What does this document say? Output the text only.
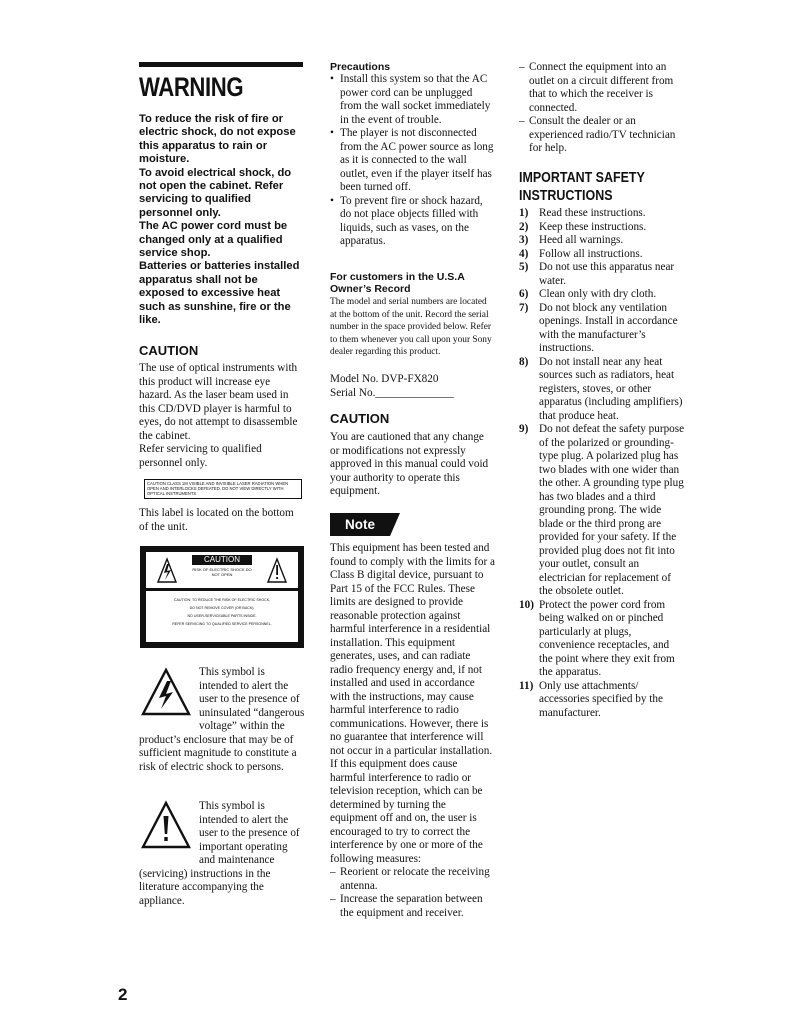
WARNING

To reduce the risk of fire or electric shock, do not expose this apparatus to rain or moisture.

To avoid electrical shock, do not open the cabinet. Refer servicing to qualified personnel only.

The AC power cord must be changed only at a qualified service shop.

Batteries or batteries installed apparatus shall not be exposed to excessive heat such as sunshine, fire or the like.

CAUTION

The use of optical instruments with this product will increase eye hazard. As the laser beam used in this CD/DVD player is harmful to eyes, do not attempt to disassemble the cabinet.

Refer servicing to qualified personnel only.

CAUTION CLASS 1M VISIBLE AND INVISIBLE LASER RADIATION WHEN OPEN AND INTERLOCKS DEFEATED. DO NOT VIEW DIRECTLY WITH OPTICAL INSTRUMENTS
This label is located on the bottom of the unit.
CAUTION
RISK OF ELECTRIC SHOCK DO NOT OPEN
CAUTION: TO REDUCE THE RISK OF ELECTRIC SHOCK,
DO NOT REMOVE COVER (OR BACK).
NO USER-SERVICEABLE PARTS INSIDE.
REFER SERVICING TO QUALIFIED SERVICE PERSONNEL.
This symbol is intended to alert the user to the presence of uninsulated “dangerous voltage” within the product’s enclosure that may be of sufficient magnitude to constitute a risk of electric shock to persons.
This symbol is intended to alert the user to the presence of important operating and maintenance (servicing) instructions in the literature accompanying the appliance.
Precautions
• Install this system so that the AC power cord can be unplugged from the wall socket immediately in the event of trouble.
• The player is not disconnected from the AC power source as long as it is connected to the wall outlet, even if the player itself has been turned off.
• To prevent fire or shock hazard, do not place objects filled with liquids, such as vases, on the apparatus.
For customers in the U.S.A Owner’s Record
The model and serial numbers are located at the bottom of the unit. Record the serial number in the space provided below. Refer to them whenever you call upon your Sony dealer regarding this product.

Model No. DVP-FX820

Serial No.______________

CAUTION
You are cautioned that any change or modifications not expressly approved in this manual could void your authority to operate this equipment.
Note

This equipment has been tested and found to comply with the limits for a Class B digital device, pursuant to Part 15 of the FCC Rules. These limits are designed to provide reasonable protection against harmful interference in a residential installation. This equipment generates, uses, and can radiate radio frequency energy and, if not installed and used in accordance with the instructions, may cause harmful interference to radio communications. However, there is no guarantee that interference will not occur in a particular installation. If this equipment does cause harmful interference to radio or television reception, which can be determined by turning the equipment off and on, the user is encouraged to try to correct the interference by one or more of the following measures:

– Reorient or relocate the receiving antenna.
– Increase the separation between the equipment and receiver.
– Connect the equipment into an outlet on a circuit different from that to which the receiver is connected.
– Consult the dealer or an experienced radio/TV technician for help.
IMPORTANT SAFETY INSTRUCTIONS
1) Read these instructions.
2) Keep these instructions.
3) Heed all warnings.
4) Follow all instructions.
5) Do not use this apparatus near water.
6) Clean only with dry cloth.
7) Do not block any ventilation openings. Install in accordance with the manufacturer’s instructions.
8) Do not install near any heat sources such as radiators, heat registers, stoves, or other apparatus (including amplifiers) that produce heat.
9) Do not defeat the safety purpose of the polarized or grounding-type plug. A polarized plug has two blades with one wider than the other. A grounding type plug has two blades and a third grounding prong. The wide blade or the third prong are provided for your safety. If the provided plug does not fit into your outlet, consult an electrician for replacement of the obsolete outlet.
10) Protect the power cord from being walked on or pinched particularly at plugs, convenience receptacles, and the point where they exit from the apparatus.
11) Only use attachments/ accessories specified by the manufacturer.
2
